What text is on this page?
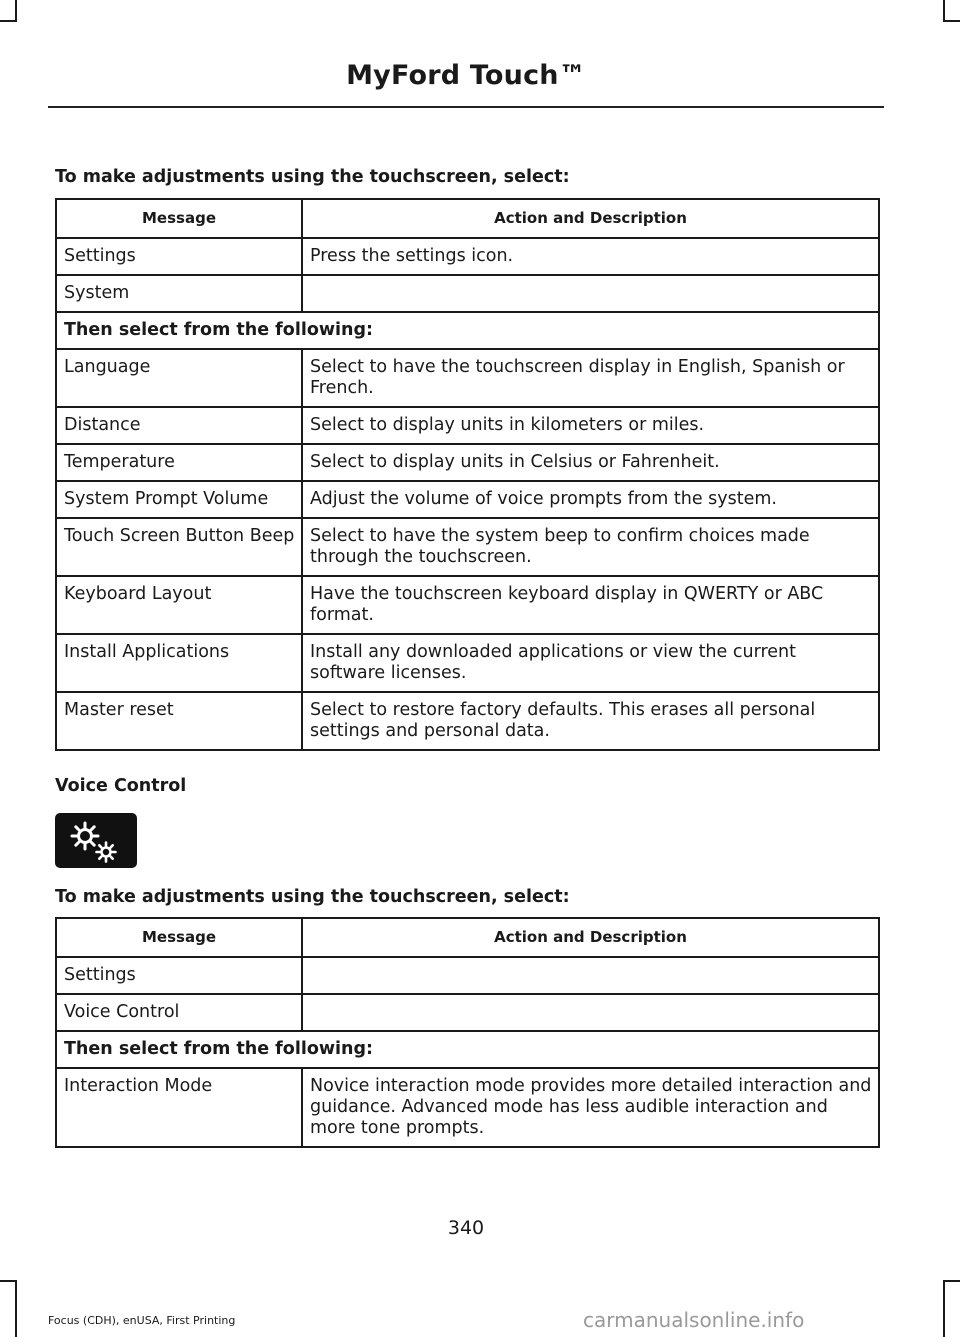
MyFord Touch™
To make adjustments using the touchscreen, select:
Message	Action and Description
Settings	Press the settings icon.
System	
Then select from the following:	
Language	Select to have the touchscreen display in English, Spanish or French.
Distance	Select to display units in kilometers or miles.
Temperature	Select to display units in Celsius or Fahrenheit.
System Prompt Volume	Adjust the volume of voice prompts from the system.
Touch Screen Button Beep	Select to have the system beep to confirm choices made through the touchscreen.
Keyboard Layout	Have the touchscreen keyboard display in QWERTY or ABC format.
Install Applications	Install any downloaded applications or view the current software licenses.
Master reset	Select to restore factory defaults. This erases all personal settings and personal data.
Voice Control
To make adjustments using the touchscreen, select:
Message	Action and Description
Settings	
Voice Control	
Then select from the following:	
Interaction Mode	Novice interaction mode provides more detailed interaction and guidance. Advanced mode has less audible interaction and more tone prompts.
340
Focus (CDH), enUSA, First Printing	carmanualsonline.info
